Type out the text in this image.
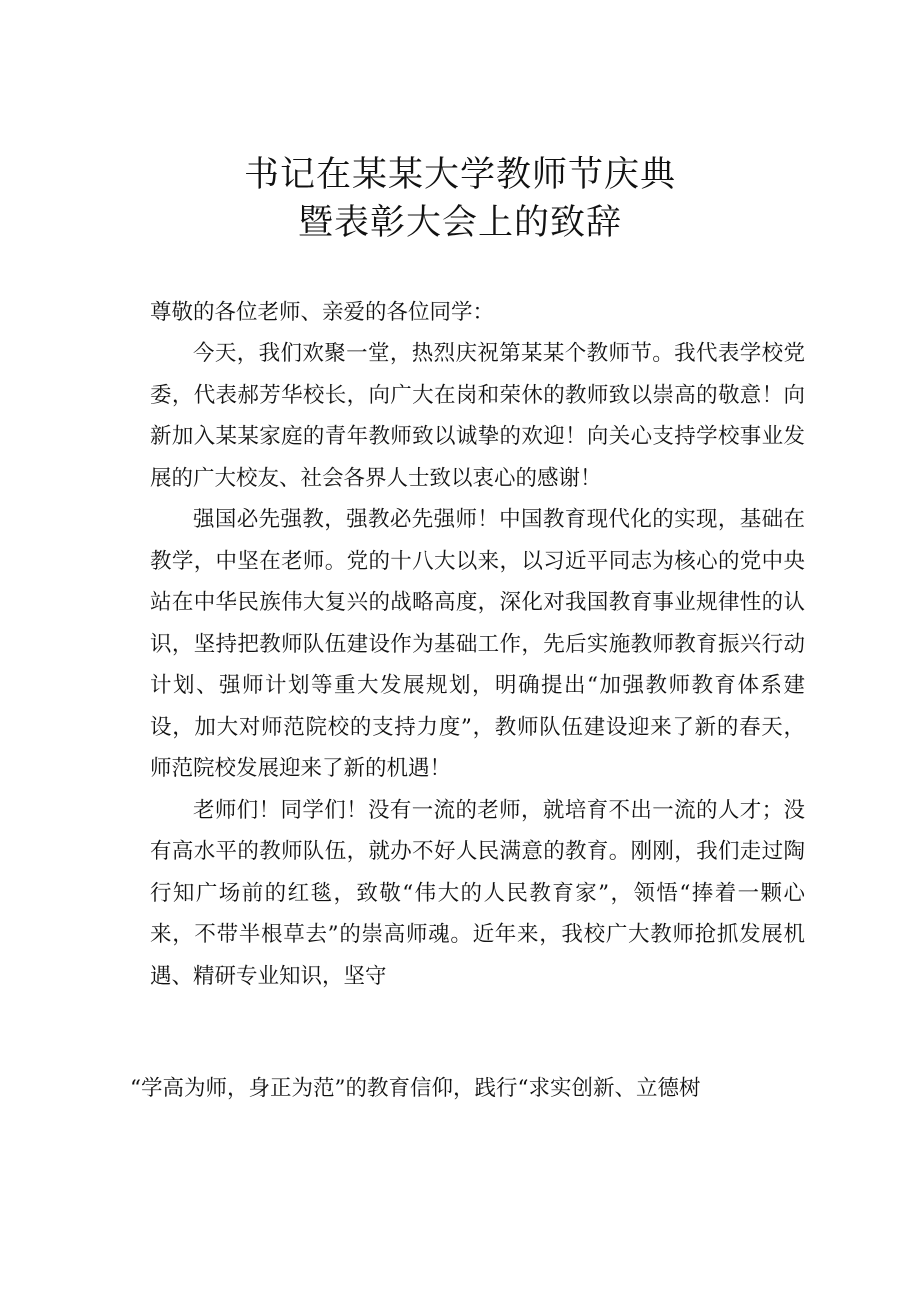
书记在某某大学教师节庆典
暨表彰大会上的致辞
尊敬的各位老师、亲爱的各位同学：

今天，我们欢聚一堂，热烈庆祝第某某个教师节。我代表学校党委，代表郝芳华校长，向广大在岗和荣休的教师致以崇高的敬意！向新加入某某家庭的青年教师致以诚挚的欢迎！向关心支持学校事业发展的广大校友、社会各界人士致以衷心的感谢！

强国必先强教，强教必先强师！中国教育现代化的实现，基础在教学，中坚在老师。党的十八大以来，以习近平同志为核心的党中央站在中华民族伟大复兴的战略高度，深化对我国教育事业规律性的认识，坚持把教师队伍建设作为基础工作，先后实施教师教育振兴行动计划、强师计划等重大发展规划，明确提出“加强教师教育体系建设，加大对师范院校的支持力度”，教师队伍建设迎来了新的春天，师范院校发展迎来了新的机遇！

老师们！同学们！没有一流的老师，就培育不出一流的人才；没有高水平的教师队伍，就办不好人民满意的教育。刚刚，我们走过陶行知广场前的红毯，致敬“伟大的人民教育家”，领悟“捧着一颗心来，不带半根草去”的崇高师魂。近年来，我校广大教师抢抓发展机遇、精研专业知识，坚守

“学高为师，身正为范”的教育信仰，践行“求实创新、立德树
